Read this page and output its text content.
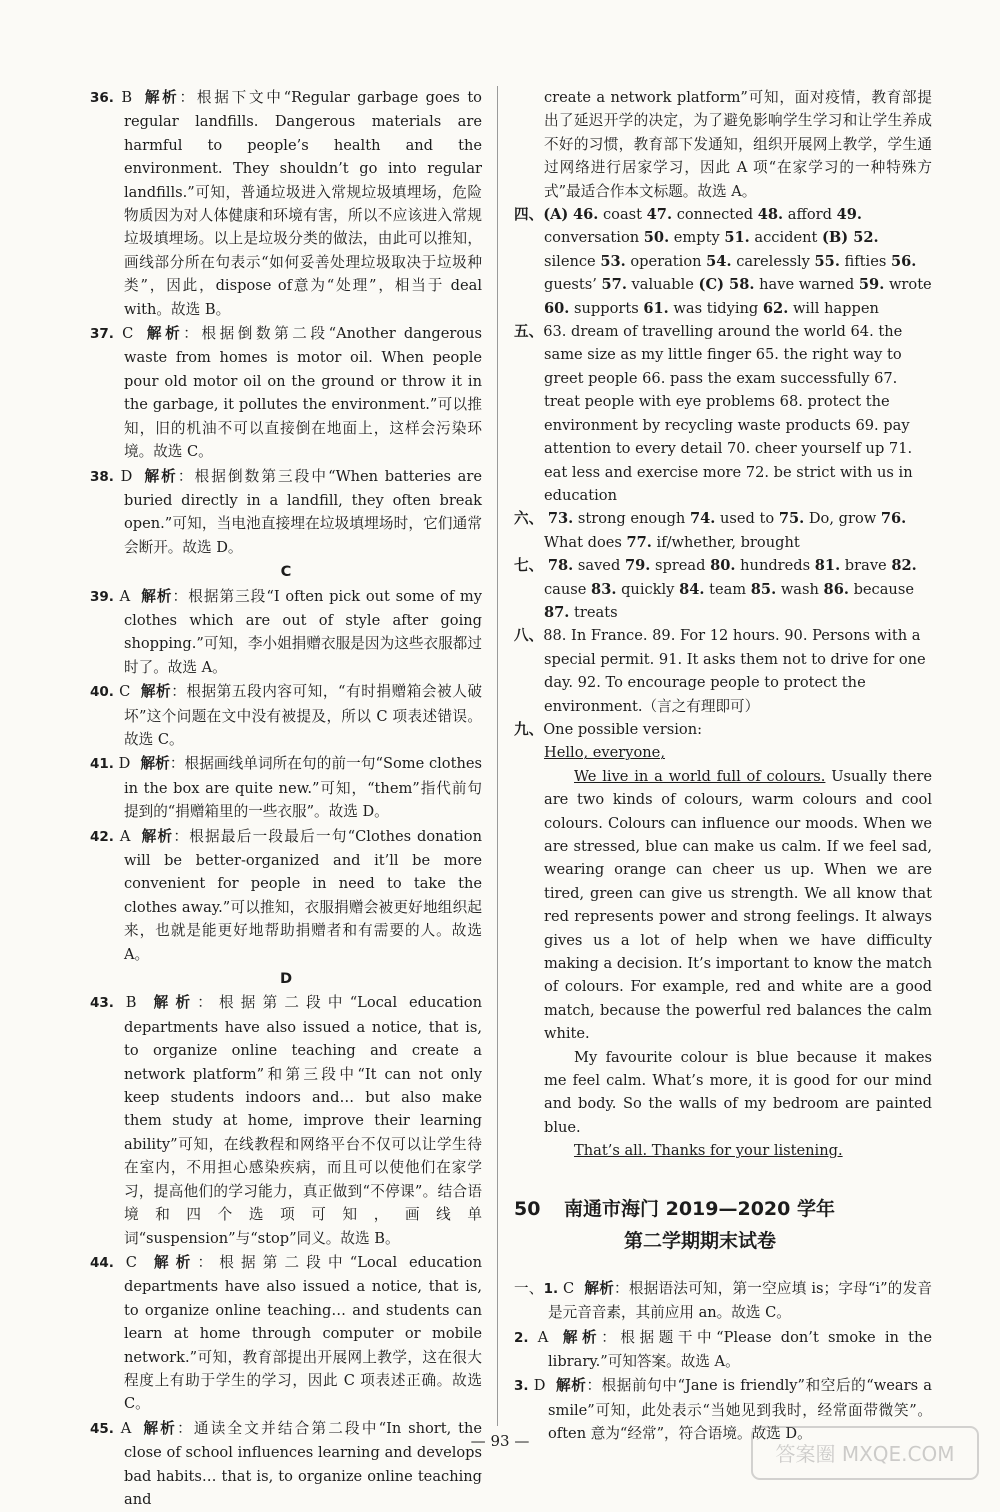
36. B 解析：根据下文中“Regular garbage goes to regular landfills. Dangerous materials are harmful to people’s health and the environment. They shouldn’t go into regular landfills.”可知，普通垃圾进入常规垃圾填埋场，危险物质因为对人体健康和环境有害，所以不应该进入常规垃圾填埋场。以上是垃圾分类的做法，由此可以推知，画线部分所在句表示“如何妥善处理垃圾取决于垃圾种类”，因此，dispose of意为“处理”，相当于 deal with。故选 B。
37. C 解析：根据倒数第二段“Another dangerous waste from homes is motor oil. When people pour old motor oil on the ground or throw it in the garbage, it pollutes the environment.”可以推知，旧的机油不可以直接倒在地面上，这样会污染环境。故选 C。
38. D 解析：根据倒数第三段中“When batteries are buried directly in a landfill, they often break open.”可知，当电池直接埋在垃圾填埋场时，它们通常会断开。故选 D。
C
39. A 解析：根据第三段“I often pick out some of my clothes which are out of style after going shopping.”可知，李小姐捐赠衣服是因为这些衣服都过时了。故选 A。
40. C 解析：根据第五段内容可知，“有时捐赠箱会被人破坏”这个问题在文中没有被提及，所以 C 项表述错误。故选 C。
41. D 解析：根据画线单词所在句的前一句“Some clothes in the box are quite new.”可知，“them”指代前句提到的“捐赠箱里的一些衣服”。故选 D。
42. A 解析：根据最后一段最后一句“Clothes donation will be better-organized and it’ll be more convenient for people in need to take the clothes away.”可以推知，衣服捐赠会被更好地组织起来，也就是能更好地帮助捐赠者和有需要的人。故选 A。
D
43. B 解析：根据第二段中“Local education departments have also issued a notice, that is, to organize online teaching and create a network platform”和第三段中“It can not only keep students indoors and… but also make them study at home, improve their learning ability”可知，在线教程和网络平台不仅可以让学生待在室内，不用担心感染疾病，而且可以使他们在家学习，提高他们的学习能力，真正做到“不停课”。结合语境和四个选项可知，画线单词“suspension”与“stop”同义。故选 B。
44. C 解析：根据第二段中“Local education departments have also issued a notice, that is, to organize online teaching… and students can learn at home through computer or mobile network.”可知，教育部提出开展网上教学，这在很大程度上有助于学生的学习，因此 C 项表述正确。故选 C。
45. A 解析：通读全文并结合第二段中“In short, the close of school influences learning and develops bad habits… that is, to organize online teaching and
create a network platform”可知，面对疫情，教育部提出了延迟开学的决定，为了避免影响学生学习和让学生养成不好的习惯，教育部下发通知，组织开展网上教学，学生通过网络进行居家学习，因此 A 项“在家学习的一种特殊方式”最适合作本文标题。故选 A。
四、(A) 46. coast 47. connected 48. afford 49. conversation 50. empty 51. accident (B) 52. silence 53. operation 54. carelessly 55. fifties 56. guests’ 57. valuable (C) 58. have warned 59. wrote 60. supports 61. was tidying 62. will happen
五、63. dream of travelling around the world 64. the same size as my little finger 65. the right way to greet people 66. pass the exam successfully 67. treat people with eye problems 68. protect the environment by recycling waste products 69. pay attention to every detail 70. cheer yourself up 71. eat less and exercise more 72. be strict with us in education
六、 73. strong enough 74. used to 75. Do, grow 76. What does 77. if/whether, brought
七、 78. saved 79. spread 80. hundreds 81. brave 82. cause 83. quickly 84. team 85. wash 86. because 87. treats
八、88. In France. 89. For 12 hours. 90. Persons with a special permit. 91. It asks them not to drive for one day. 92. To encourage people to protect the environment.（言之有理即可）
九、One possible version:
Hello, everyone,
We live in a world full of colours. Usually there are two kinds of colours, warm colours and cool colours. Colours can influence our moods. When we are stressed, blue can make us calm. If we feel sad, wearing orange can cheer us up. When we are tired, green can give us strength. We all know that red represents power and strong feelings. It always gives us a lot of help when we have difficulty making a decision. It’s important to know the match of colours. For example, red and white are a good match, because the powerful red balances the calm white.
My favourite colour is blue because it makes me feel calm. What’s more, it is good for our mind and body. So the walls of my bedroom are painted blue.
That’s all. Thanks for your listening.
50 南通市海门 2019—2020 学年
第二学期期末试卷
一、1. C 解析：根据语法可知，第一空应填 is；字母“i”的发音是元音音素，其前应用 an。故选 C。
2. A 解析：根据题干中“Please don’t smoke in the library.”可知答案。故选 A。
3. D 解析：根据前句中“Jane is friendly”和空后的“wears a smile”可知，此处表示“当她见到我时，经常面带微笑”。often 意为“经常”，符合语境。故选 D。
— 93 —
答案圈 MXQE.COM
